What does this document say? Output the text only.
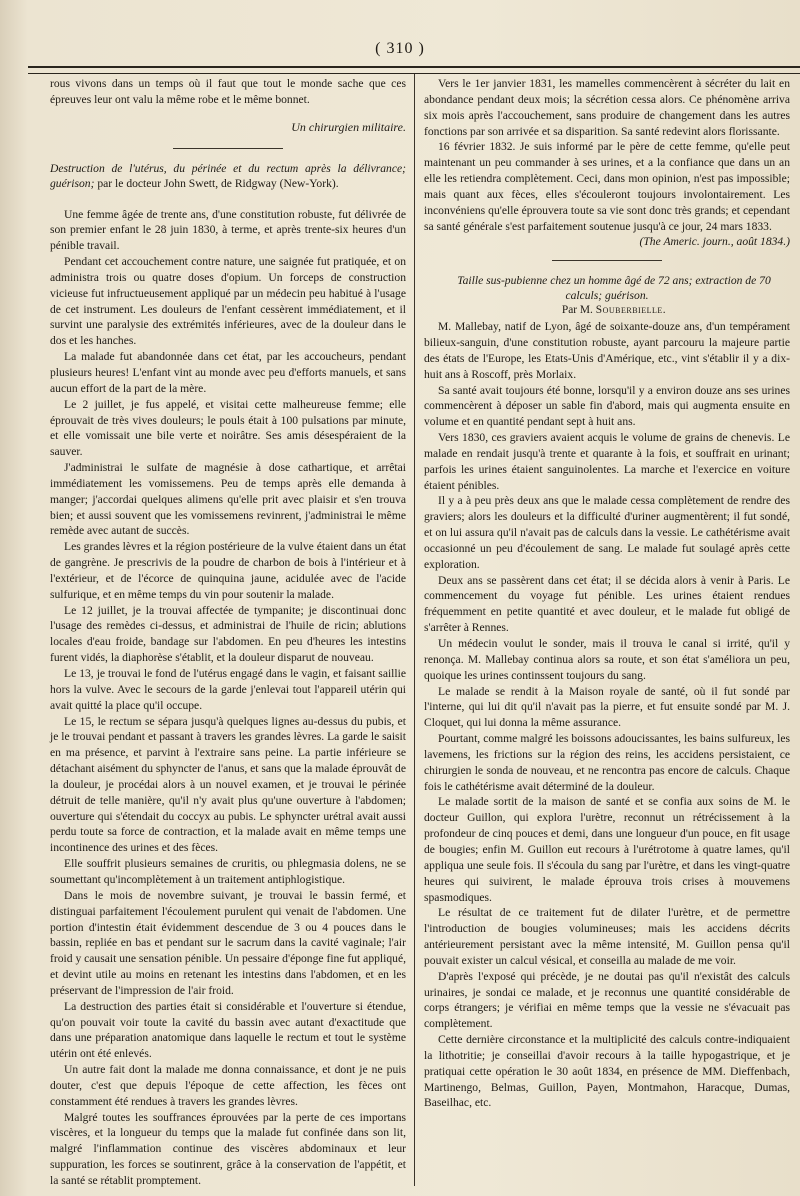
( 310 )

rous vivons dans un temps où il faut que tout le monde sache que ces épreuves leur ont valu la même robe et le même bonnet.

Un chirurgien militaire.

Destruction de l'utérus, du périnée et du rectum après la délivrance; guérison; par le docteur John Swett, de Ridgway (New-York).

Une femme âgée de trente ans, d'une constitution robuste, fut délivrée de son premier enfant le 28 juin 1830, à terme, et après trente-six heures d'un pénible travail.

Pendant cet accouchement contre nature, une saignée fut pratiquée, et on administra trois ou quatre doses d'opium. Un forceps de construction vicieuse fut infructueusement appliqué par un médecin peu habitué à l'usage de cet instrument. Les douleurs de l'enfant cessèrent immédiatement, et il survint une paralysie des extrémités inférieures, avec de la douleur dans le dos et les hanches.

La malade fut abandonnée dans cet état, par les accoucheurs, pendant plusieurs heures! L'enfant vint au monde avec peu d'efforts manuels, et sans aucun effort de la part de la mère.

Le 2 juillet, je fus appelé, et visitai cette malheureuse femme; elle éprouvait de très vives douleurs; le pouls était à 100 pulsations par minute, et elle vomissait une bile verte et noirâtre. Ses amis désespéraient de la sauver.

J'administrai le sulfate de magnésie à dose cathartique, et arrêtai immédiatement les vomissemens. Peu de temps après elle demanda à manger; j'accordai quelques alimens qu'elle prit avec plaisir et s'en trouva bien; et aussi souvent que les vomissemens revinrent, j'administrai le même remède avec autant de succès.

Les grandes lèvres et la région postérieure de la vulve étaient dans un état de gangrène. Je prescrivis de la poudre de charbon de bois à l'intérieur et à l'extérieur, et de l'écorce de quinquina jaune, acidulée avec de l'acide sulfurique, et en même temps du vin pour soutenir la malade.

Le 12 juillet, je la trouvai affectée de tympanite; je discontinuai donc l'usage des remèdes ci-dessus, et administrai de l'huile de ricin; ablutions locales d'eau froide, bandage sur l'abdomen. En peu d'heures les intestins furent vidés, la diaphorèse s'établit, et la douleur disparut de nouveau.

Le 13, je trouvai le fond de l'utérus engagé dans le vagin, et faisant saillie hors la vulve. Avec le secours de la garde j'enlevai tout l'appareil utérin qui avait quitté la place qu'il occupe.

Le 15, le rectum se sépara jusqu'à quelques lignes au-dessus du pubis, et je le trouvai pendant et passant à travers les grandes lèvres. La garde le saisit en ma présence, et parvint à l'extraire sans peine. La partie inférieure se détachant aisément du sphyncter de l'anus, et sans que la malade éprouvât de la douleur, je procédai alors à un nouvel examen, et je trouvai le périnée détruit de telle manière, qu'il n'y avait plus qu'une ouverture à l'abdomen; ouverture qui s'étendait du coccyx au pubis. Le sphyncter urétral avait aussi perdu toute sa force de contraction, et la malade avait en même temps une incontinence des urines et des fèces.

Elle souffrit plusieurs semaines de cruritis, ou phlegmasia dolens, ne se soumettant qu'incomplètement à un traitement antiphlogistique.

Dans le mois de novembre suivant, je trouvai le bassin fermé, et distinguai parfaitement l'écoulement purulent qui venait de l'abdomen. Une portion d'intestin était évidemment descendue de 3 ou 4 pouces dans le bassin, repliée en bas et pendant sur le sacrum dans la cavité vaginale; l'air froid y causait une sensation pénible. Un pessaire d'éponge fine fut appliqué, et devint utile au moins en retenant les intestins dans l'abdomen, et en les préservant de l'impression de l'air froid.

La destruction des parties était si considérable et l'ouverture si étendue, qu'on pouvait voir toute la cavité du bassin avec autant d'exactitude que dans une préparation anatomique dans laquelle le rectum et tout le système utérin ont été enlevés.

Un autre fait dont la malade me donna connaissance, et dont je ne puis douter, c'est que depuis l'époque de cette affection, les fèces ont constamment été rendues à travers les grandes lèvres.

Malgré toutes les souffrances éprouvées par la perte de ces importans viscères, et la longueur du temps que la malade fut confinée dans son lit, malgré l'inflammation continue des viscères abdominaux et leur suppuration, les forces se soutinrent, grâce à la conservation de l'appétit, et la santé se rétablit promptement.

Vers le 1er janvier 1831, les mamelles commencèrent à sécréter du lait en abondance pendant deux mois; la sécrétion cessa alors. Ce phénomène arriva six mois après l'accouchement, sans produire de changement dans les autres fonctions par son arrivée et sa disparition. Sa santé redevint alors florissante.

16 février 1832. Je suis informé par le père de cette femme, qu'elle peut maintenant un peu commander à ses urines, et a la confiance que dans un an elle les retiendra complètement. Ceci, dans mon opinion, n'est pas impossible; mais quant aux fèces, elles s'écouleront toujours involontairement. Les inconvéniens qu'elle éprouvera toute sa vie sont donc très grands; et cependant sa santé générale s'est parfaitement soutenue jusqu'à ce jour, 24 mars 1833.

(The Americ. journ., août 1834.)

Taille sus-pubienne chez un homme âgé de 72 ans; extraction de 70 calculs; guérison.

Par M. Souberbielle.

M. Mallebay, natif de Lyon, âgé de soixante-douze ans, d'un tempérament bilieux-sanguin, d'une constitution robuste, ayant parcouru la majeure partie des états de l'Europe, les Etats-Unis d'Amérique, etc., vint s'établir il y a dix-huit ans à Roscoff, près Morlaix.

Sa santé avait toujours été bonne, lorsqu'il y a environ douze ans ses urines commencèrent à déposer un sable fin d'abord, mais qui augmenta ensuite en volume et en quantité pendant sept à huit ans.

Vers 1830, ces graviers avaient acquis le volume de grains de chenevis. Le malade en rendait jusqu'à trente et quarante à la fois, et souffrait en urinant; parfois les urines étaient sanguinolentes. La marche et l'exercice en voiture étaient pénibles.

Il y a à peu près deux ans que le malade cessa complètement de rendre des graviers; alors les douleurs et la difficulté d'uriner augmentèrent; il fut sondé, et on lui assura qu'il n'avait pas de calculs dans la vessie. Le cathétérisme avait occasionné un peu d'écoulement de sang. Le malade fut soulagé après cette exploration.

Deux ans se passèrent dans cet état; il se décida alors à venir à Paris. Le commencement du voyage fut pénible. Les urines étaient rendues fréquemment en petite quantité et avec douleur, et le malade fut obligé de s'arrêter à Rennes.

Un médecin voulut le sonder, mais il trouva le canal si irrité, qu'il y renonça. M. Mallebay continua alors sa route, et son état s'améliora un peu, quoique les urines continssent toujours du sang.

Le malade se rendit à la Maison royale de santé, où il fut sondé par l'interne, qui lui dit qu'il n'avait pas la pierre, et fut ensuite sondé par M. J. Cloquet, qui lui donna la même assurance.

Pourtant, comme malgré les boissons adoucissantes, les bains sulfureux, les lavemens, les frictions sur la région des reins, les accidens persistaient, ce chirurgien le sonda de nouveau, et ne rencontra pas encore de calculs. Chaque fois le cathétérisme avait déterminé de la douleur.

Le malade sortit de la maison de santé et se confia aux soins de M. le docteur Guillon, qui explora l'urètre, reconnut un rétrécissement à la profondeur de cinq pouces et demi, dans une longueur d'un pouce, en fit usage de bougies; enfin M. Guillon eut recours à l'urétrotome à quatre lames, qu'il appliqua une seule fois. Il s'écoula du sang par l'urètre, et dans les vingt-quatre heures qui suivirent, le malade éprouva trois crises à mouvemens spasmodiques.

Le résultat de ce traitement fut de dilater l'urètre, et de permettre l'introduction de bougies volumineuses; mais les accidens décrits antérieurement persistant avec la même intensité, M. Guillon pensa qu'il pouvait exister un calcul vésical, et conseilla au malade de me voir.

D'après l'exposé qui précède, je ne doutai pas qu'il n'existât des calculs urinaires, je sondai ce malade, et je reconnus une quantité considérable de corps étrangers; je vérifiai en même temps que la vessie ne s'évacuait pas complètement.

Cette dernière circonstance et la multiplicité des calculs contre-indiquaient la lithotritie; je conseillai d'avoir recours à la taille hypogastrique, et je pratiquai cette opération le 30 août 1834, en présence de MM. Dieffenbach, Martinengo, Belmas, Guillon, Payen, Montmahon, Haracque, Dumas, Baseilhac, etc.
